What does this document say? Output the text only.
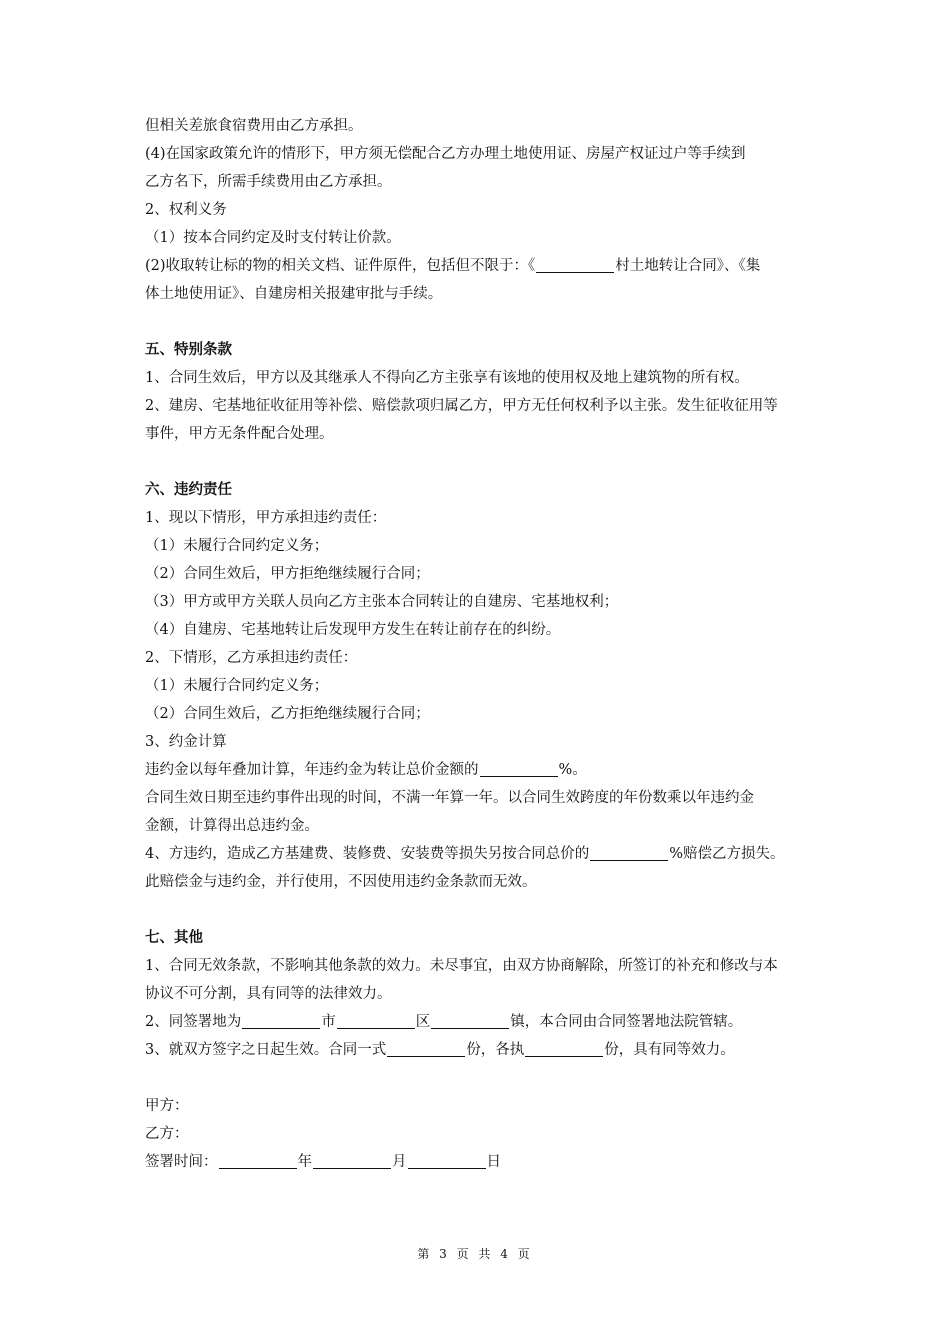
但相关差旅食宿费用由乙方承担。
(4)在国家政策允许的情形下，甲方须无偿配合乙方办理土地使用证、房屋产权证过户等手续到
乙方名下，所需手续费用由乙方承担。
2、权利义务
（1）按本合同约定及时支付转让价款。
(2)收取转让标的物的相关文档、证件原件，包括但不限于：《	村土地转让合同》、《集
体土地使用证》、自建房相关报建审批与手续。
五、特别条款
1、合同生效后，甲方以及其继承人不得向乙方主张享有该地的使用权及地上建筑物的所有权。
2、建房、宅基地征收征用等补偿、赔偿款项归属乙方，甲方无任何权利予以主张。发生征收征用等
事件，甲方无条件配合处理。
六、违约责任
1、现以下情形，甲方承担违约责任：
（1）未履行合同约定义务；
（2）合同生效后，甲方拒绝继续履行合同；
（3）甲方或甲方关联人员向乙方主张本合同转让的自建房、宅基地权利；
（4）自建房、宅基地转让后发现甲方发生在转让前存在的纠纷。
2、下情形，乙方承担违约责任：
（1）未履行合同约定义务；
（2）合同生效后，乙方拒绝继续履行合同；
3、约金计算
违约金以每年叠加计算，年违约金为转让总价金额的	%。
合同生效日期至违约事件出现的时间，不满一年算一年。以合同生效跨度的年份数乘以年违约金
金额，计算得出总违约金。
4、方违约，造成乙方基建费、装修费、安装费等损失另按合同总价的	%赔偿乙方损失。
此赔偿金与违约金，并行使用，不因使用违约金条款而无效。
七、其他
1、合同无效条款，不影响其他条款的效力。未尽事宜，由双方协商解除，所签订的补充和修改与本
协议不可分割，具有同等的法律效力。
2、同签署地为	市	区	镇，本合同由合同签署地法院管辖。
3、就双方签字之日起生效。合同一式	份，各执	份，具有同等效力。
甲方：
乙方：
签署时间：	年	月	日
第 3 页 共 4 页
